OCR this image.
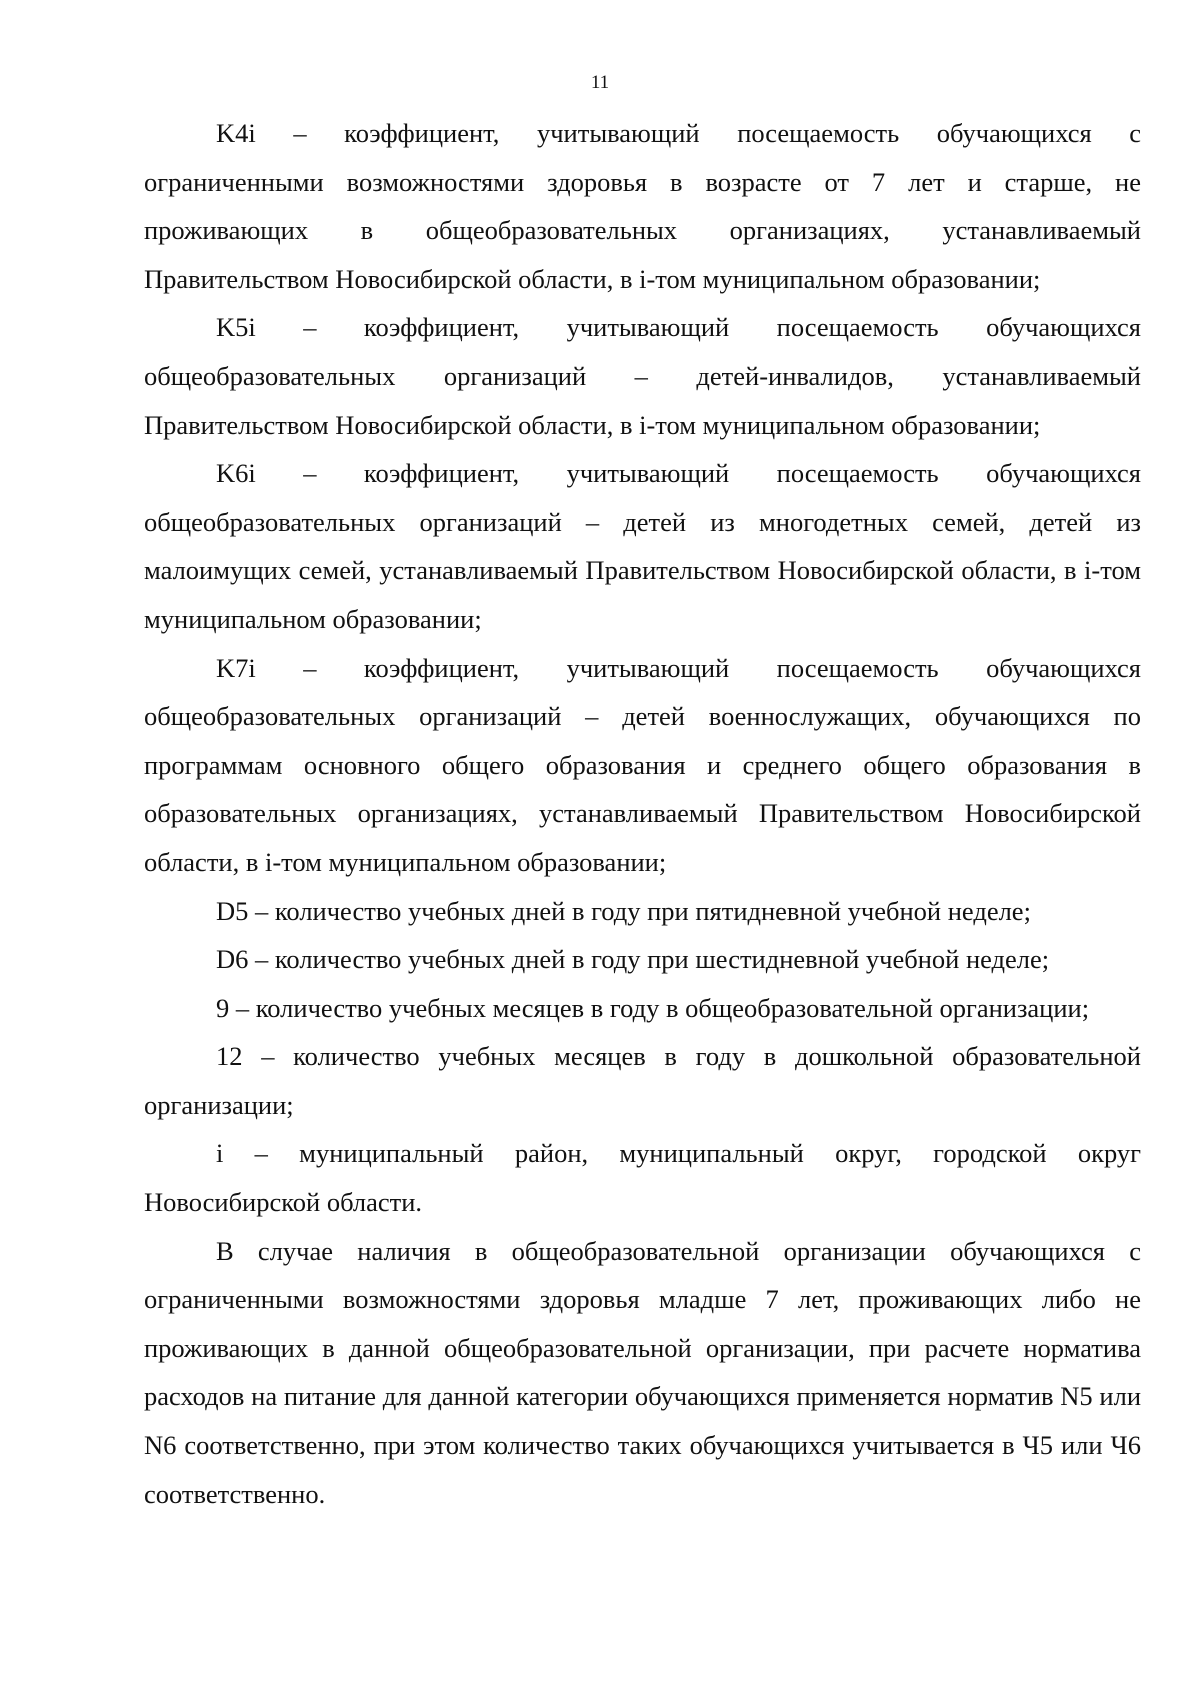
11

K4i – коэффициент, учитывающий посещаемость обучающихся с ограниченными возможностями здоровья в возрасте от 7 лет и старше, не проживающих в общеобразовательных организациях, устанавливаемый Правительством Новосибирской области, в i-том муниципальном образовании;

K5i – коэффициент, учитывающий посещаемость обучающихся общеобразовательных организаций – детей-инвалидов, устанавливаемый Правительством Новосибирской области, в i-том муниципальном образовании;

K6i – коэффициент, учитывающий посещаемость обучающихся общеобразовательных организаций – детей из многодетных семей, детей из малоимущих семей, устанавливаемый Правительством Новосибирской области, в i-том муниципальном образовании;

K7i – коэффициент, учитывающий посещаемость обучающихся общеобразовательных организаций – детей военнослужащих, обучающихся по программам основного общего образования и среднего общего образования в образовательных организациях, устанавливаемый Правительством Новосибирской области, в i-том муниципальном образовании;

D5 – количество учебных дней в году при пятидневной учебной неделе;

D6 – количество учебных дней в году при шестидневной учебной неделе;

9 – количество учебных месяцев в году в общеобразовательной организации;

12 – количество учебных месяцев в году в дошкольной образовательной организации;

i – муниципальный район, муниципальный округ, городской округ Новосибирской области.

В случае наличия в общеобразовательной организации обучающихся с ограниченными возможностями здоровья младше 7 лет, проживающих либо не проживающих в данной общеобразовательной организации, при расчете норматива расходов на питание для данной категории обучающихся применяется норматив N5 или N6 соответственно, при этом количество таких обучающихся учитывается в Ч5 или Ч6 соответственно.
